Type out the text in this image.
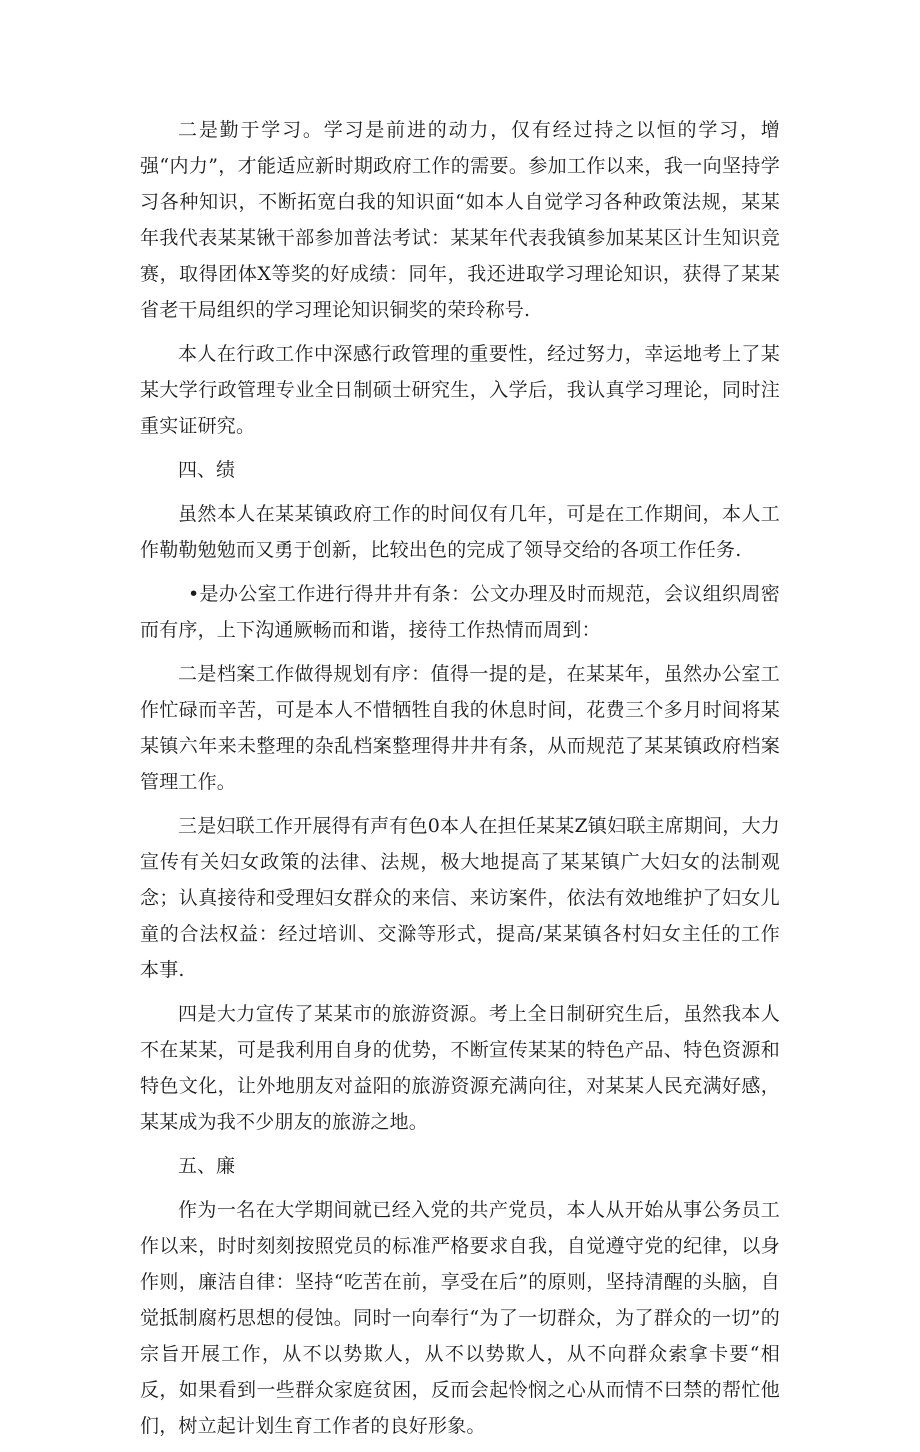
二是勤于学习。学习是前进的动力，仅有经过持之以恒的学习，增强“内力”，才能适应新时期政府工作的需要。参加工作以来，我一向坚持学习各种知识，不断拓宽白我的知识面“如本人自觉学习各种政策法规，某某年我代表某某锹干部参加普法考试：某某年代表我镇参加某某区计生知识竞赛，取得团体X等奖的好成绩：同年，我还进取学习理论知识，获得了某某省老干局组织的学习理论知识铜奖的荣玲称号.

本人在行政工作中深感行政管理的重要性，经过努力，幸运地考上了某某大学行政管理专业全日制硕士研究生，入学后，我认真学习理论，同时注重实证研究。

四、绩

虽然本人在某某镇政府工作的时间仅有几年，可是在工作期间，本人工作勒勒勉勉而又勇于创新，比较出色的完成了领导交给的各项工作任务.

•是办公室工作进行得井井有条：公文办理及时而规范，会议组织周密而有序，上下沟通厥畅而和谐，接待工作热情而周到：

二是档案工作做得规划有序：值得一提的是，在某某年，虽然办公室工作忙碌而辛苦，可是本人不惜牺牲自我的休息时间，花费三个多月时间将某某镇六年来未整理的杂乱档案整理得井井有条，从而规范了某某镇政府档案管理工作。

三是妇联工作开展得有声有色0本人在担任某某Z镇妇联主席期间，大力宣传有关妇女政策的法律、法规，极大地提高了某某镇广大妇女的法制观念；认真接待和受理妇女群众的来信、来访案件，依法有效地维护了妇女儿童的合法权益：经过培训、交滁等形式，提高/某某镇各村妇女主任的工作本事.

四是大力宣传了某某市的旅游资源。考上全日制研究生后，虽然我本人不在某某，可是我利用自身的优势，不断宣传某某的特色产品、特色资源和特色文化，让外地朋友对益阳的旅游资源充满向往，对某某人民充满好感，某某成为我不少朋友的旅游之地。

五、廉

作为一名在大学期间就已经入党的共产党员，本人从开始从事公务员工作以来，时时刻刻按照党员的标准严格要求自我，自觉遵守党的纪律，以身作则，廉洁自律：坚持“吃苦在前，享受在后”的原则，坚持清醒的头脑，自觉抵制腐朽思想的侵蚀。同时一向奉行“为了一切群众，为了群众的一切”的宗旨开展工作，从不以势欺人，从不以势欺人，从不向群众索拿卡要“相反，如果看到一些群众家庭贫困，反而会起怜悯之心从而情不曰禁的帮忙他们，树立起计划生育工作者的良好形象。
